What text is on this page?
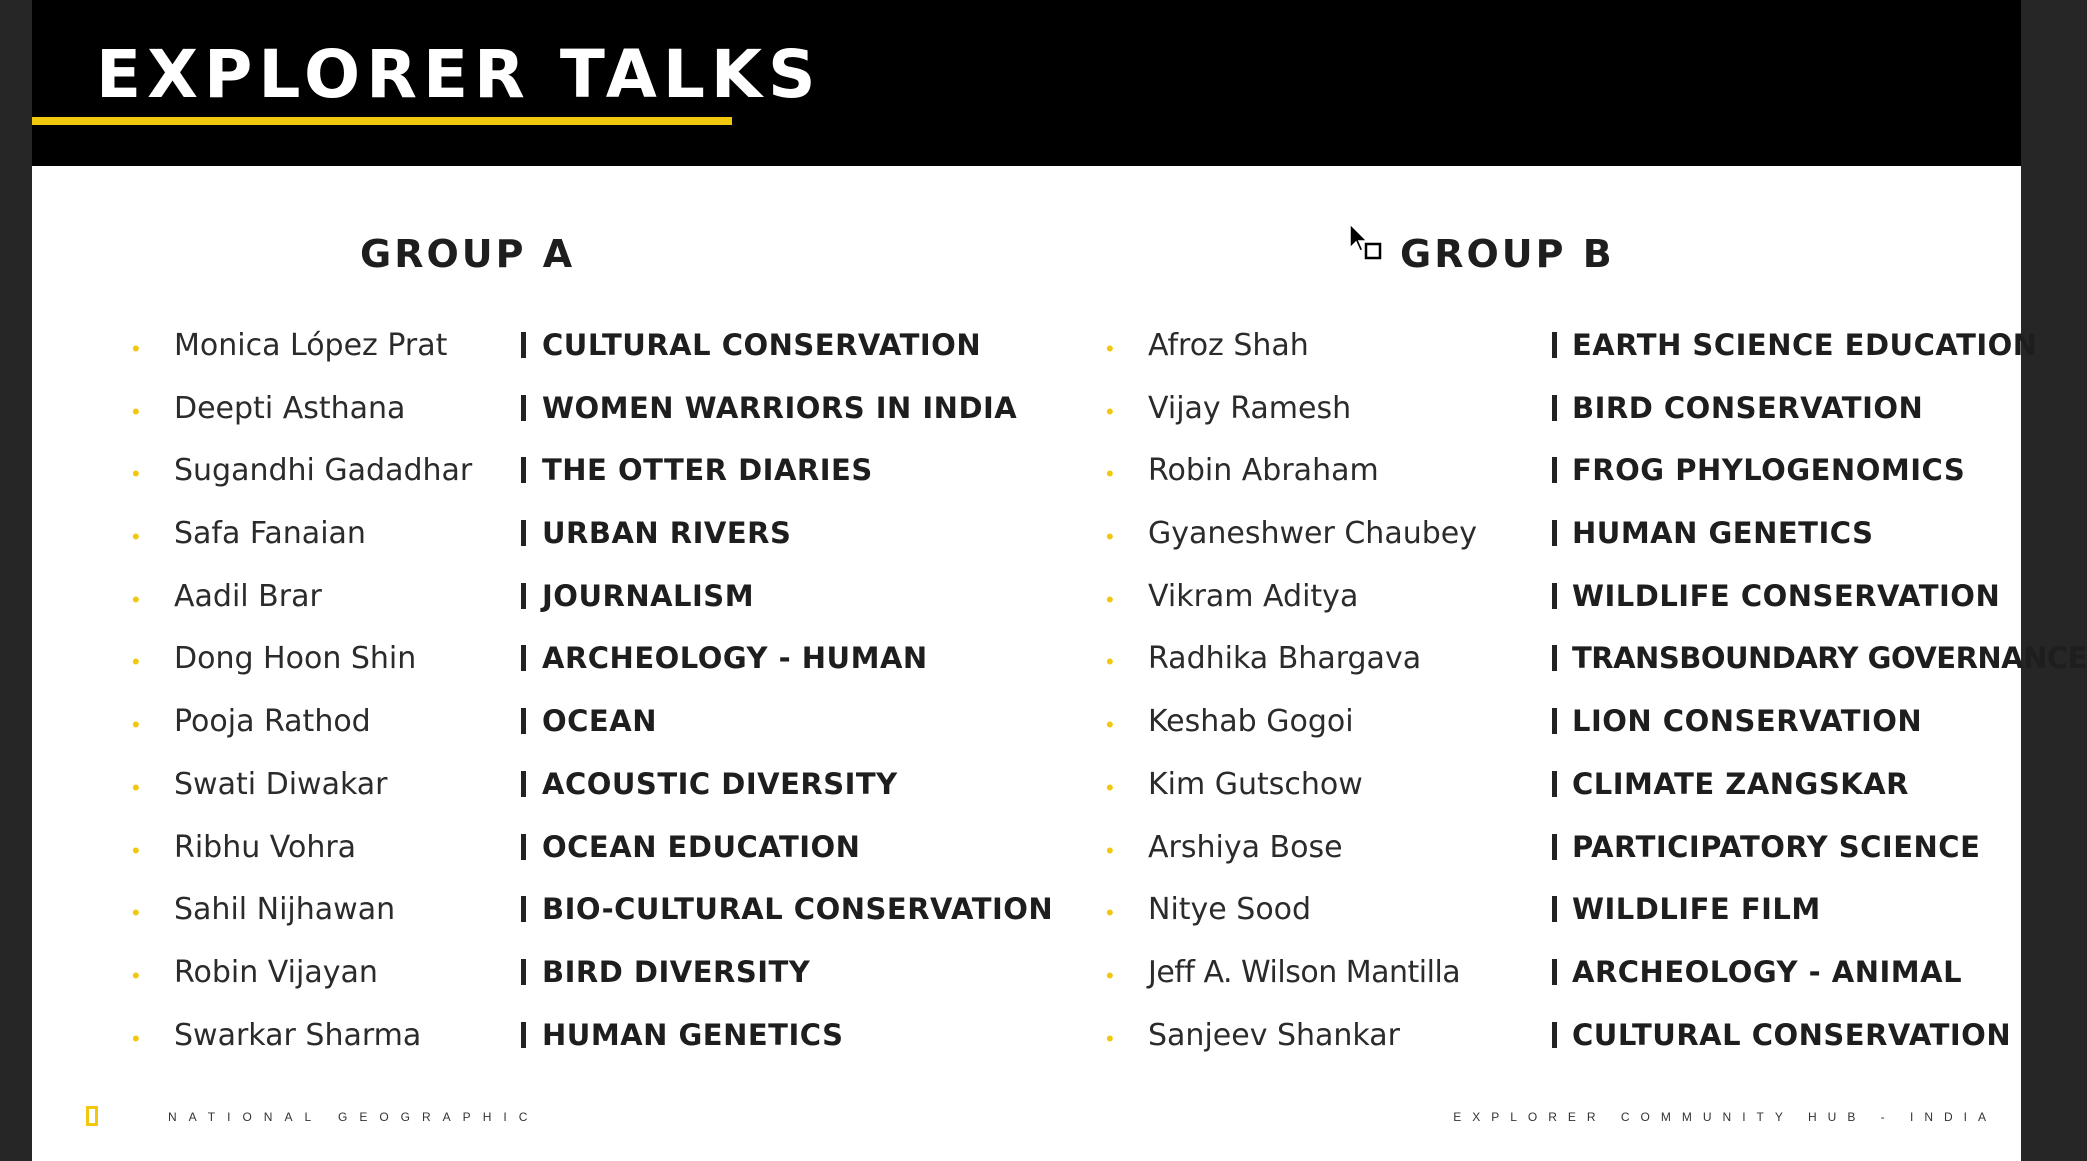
EXPLORER TALKS
GROUP A	GROUP B
• Monica López Prat	CULTURAL CONSERVATION
• Deepti Asthana	WOMEN WARRIORS IN INDIA
• Sugandhi Gadadhar THE OTTER DIARIES
• Safa Fanaian	URBAN RIVERS
• Aadil Brar	JOURNALISM
• Dong Hoon Shin	ARCHEOLOGY - HUMAN
• Pooja Rathod	OCEAN
• Swati Diwakar	ACOUSTIC DIVERSITY
• Ribhu Vohra	OCEAN EDUCATION
• Sahil Nijhawan	BIO-CULTURAL CONSERVATION
• Robin Vijayan	BIRD DIVERSITY
• Swarkar Sharma	HUMAN GENETICS
• Afroz Shah	EARTH SCIENCE EDUCATION
• Vijay Ramesh	BIRD CONSERVATION
• Robin Abraham	FROG PHYLOGENOMICS
• Gyaneshwer Chaubey	HUMAN GENETICS
• Vikram Aditya	WILDLIFE CONSERVATION
• Radhika Bhargava	TRANSBOUNDARY GOVERNANCE
• Keshab Gogoi	LION CONSERVATION
• Kim Gutschow	CLIMATE ZANGSKAR
• Arshiya Bose	PARTICIPATORY SCIENCE
• Nitye Sood	WILDLIFE FILM
• Jeff A. Wilson Mantilla	ARCHEOLOGY - ANIMAL
• Sanjeev Shankar	CULTURAL CONSERVATION
NATIONAL GEOGRAPHIC	EXPLORER COMMUNITY HUB - INDIA
